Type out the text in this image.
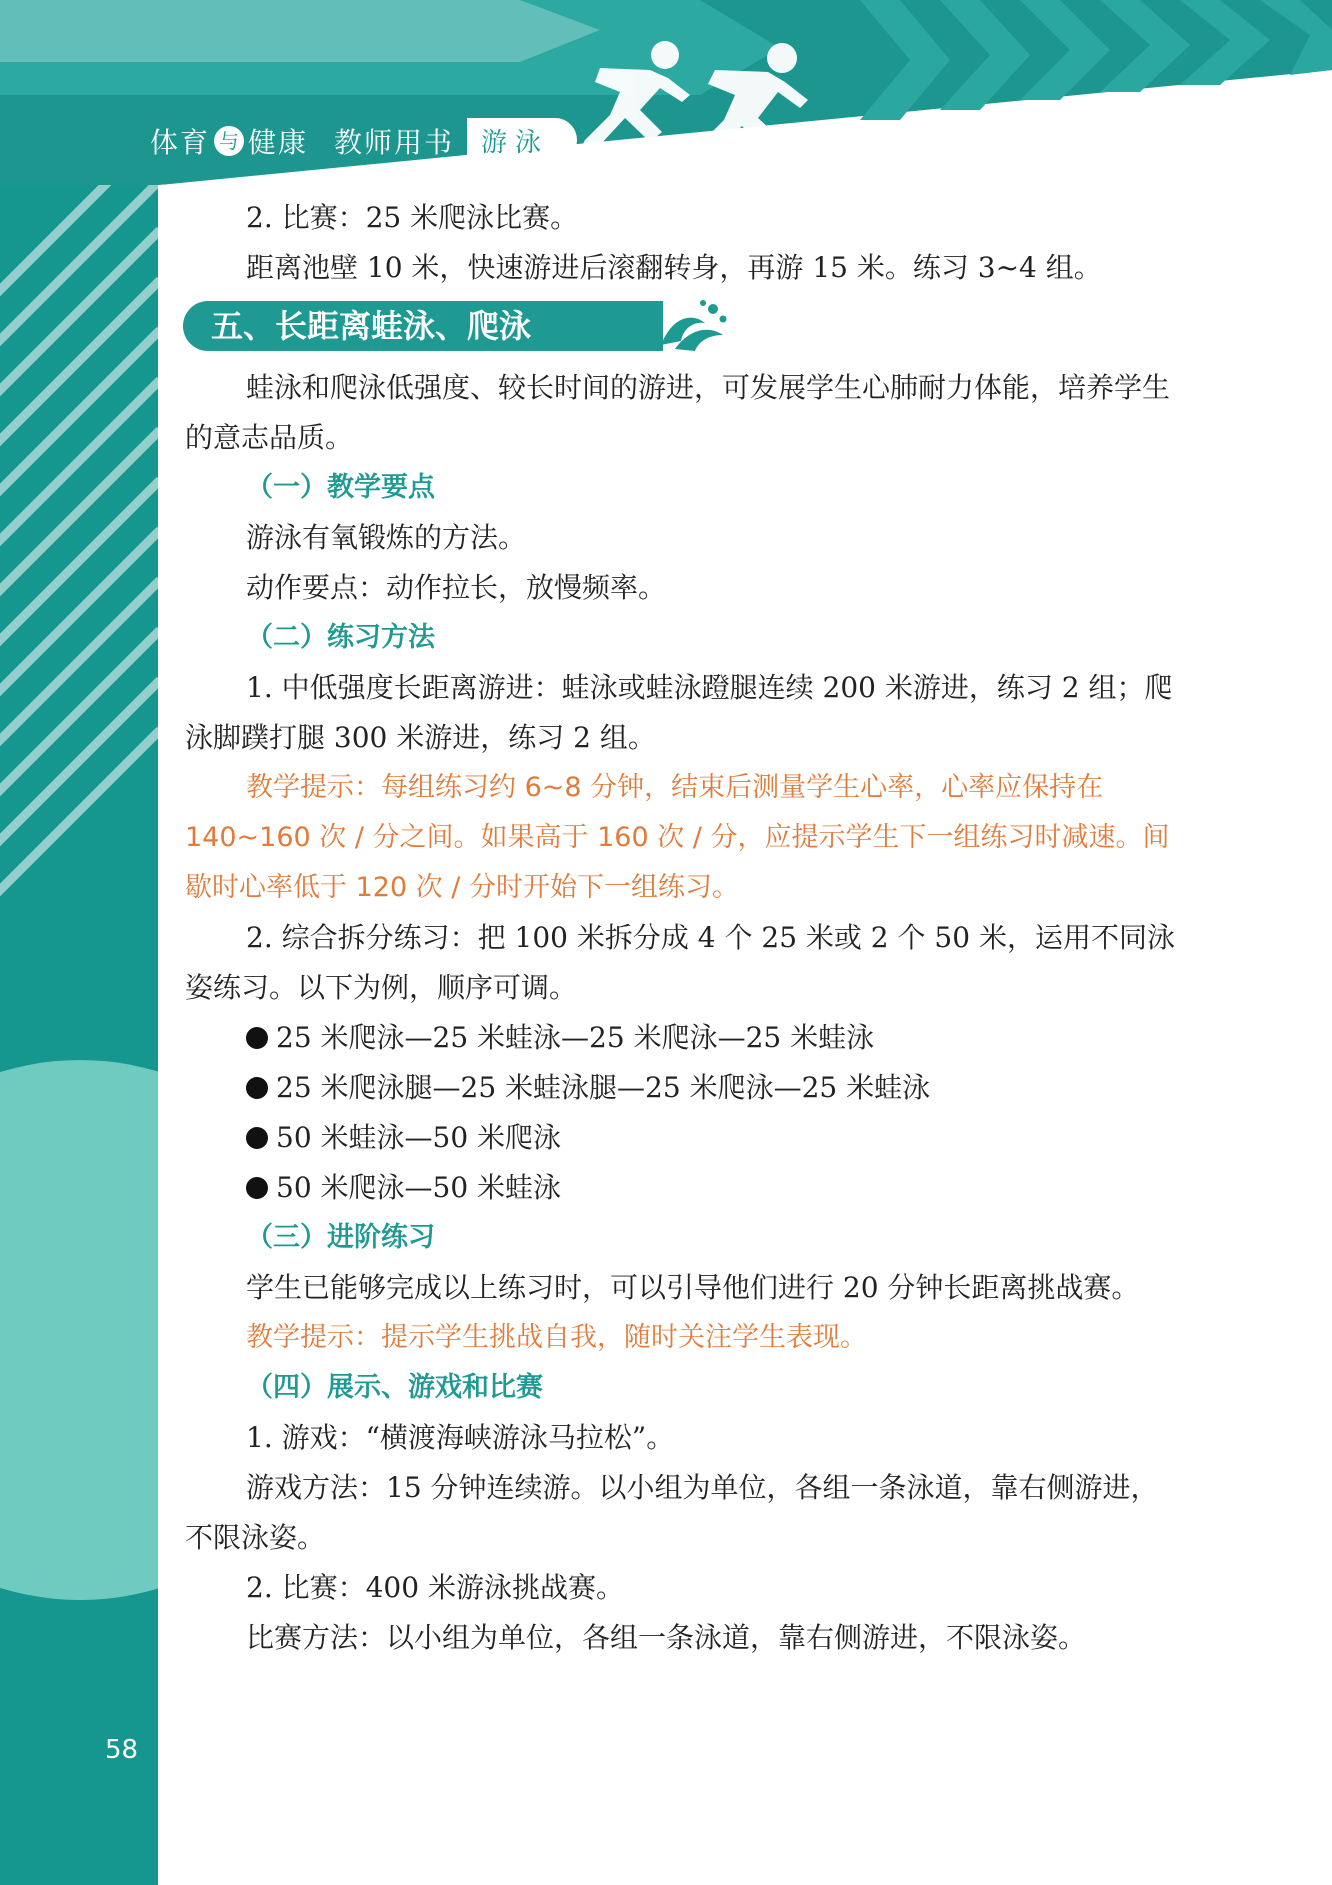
体育 与 健康 教师用书	游泳

2. 比赛：25 米爬泳比赛。

距离池壁 10 米，快速游进后滚翻转身，再游 15 米。练习 3~4 组。

五、长距离蛙泳、爬泳

蛙泳和爬泳低强度、较长时间的游进，可发展学生心肺耐力体能，培养学生的意志品质。

（一）教学要点

游泳有氧锻炼的方法。

动作要点：动作拉长，放慢频率。

（二）练习方法

1. 中低强度长距离游进：蛙泳或蛙泳蹬腿连续 200 米游进，练习 2 组；爬泳脚蹼打腿 300 米游进，练习 2 组。

教学提示：每组练习约 6~8 分钟，结束后测量学生心率，心率应保持在 140~160 次 / 分之间。如果高于 160 次 / 分，应提示学生下一组练习时减速。间歇时心率低于 120 次 / 分时开始下一组练习。

2. 综合拆分练习：把 100 米拆分成 4 个 25 米或 2 个 50 米，运用不同泳姿练习。以下为例，顺序可调。

25 米爬泳—25 米蛙泳—25 米爬泳—25 米蛙泳

25 米爬泳腿—25 米蛙泳腿—25 米爬泳—25 米蛙泳

50 米蛙泳—50 米爬泳

50 米爬泳—50 米蛙泳

（三）进阶练习

学生已能够完成以上练习时，可以引导他们进行 20 分钟长距离挑战赛。

教学提示：提示学生挑战自我，随时关注学生表现。

（四）展示、游戏和比赛

1. 游戏：“横渡海峡游泳马拉松”。

游戏方法：15 分钟连续游。以小组为单位，各组一条泳道，靠右侧游进，不限泳姿。

2. 比赛：400 米游泳挑战赛。

比赛方法：以小组为单位，各组一条泳道，靠右侧游进，不限泳姿。

58
